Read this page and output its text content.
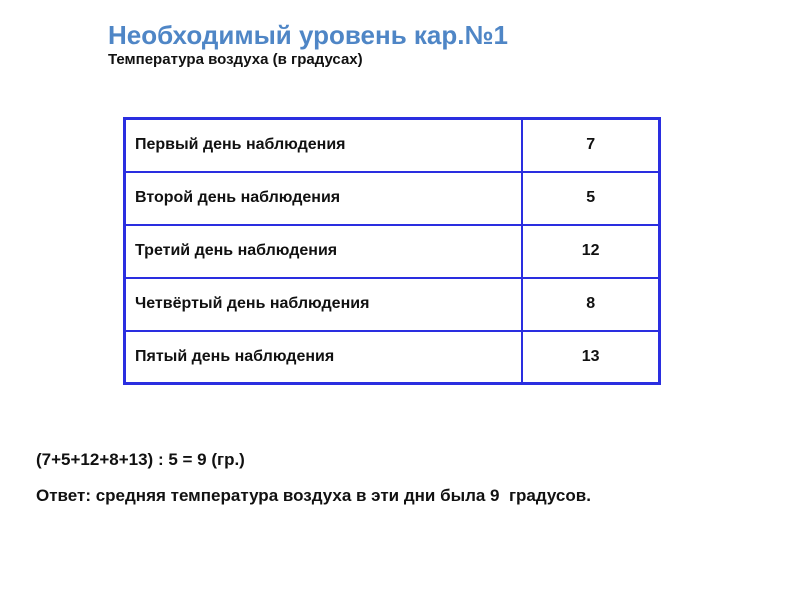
Необходимый уровень кар.№1
Температура воздуха (в градусах)
Первый день наблюдения	7
Второй день наблюдения	5
Третий день наблюдения	12
Четвёртый день наблюдения	8
Пятый день наблюдения	13
(7+5+12+8+13) : 5 = 9 (гр.)
Ответ: средняя температура воздуха в эти дни была 9  градусов.
